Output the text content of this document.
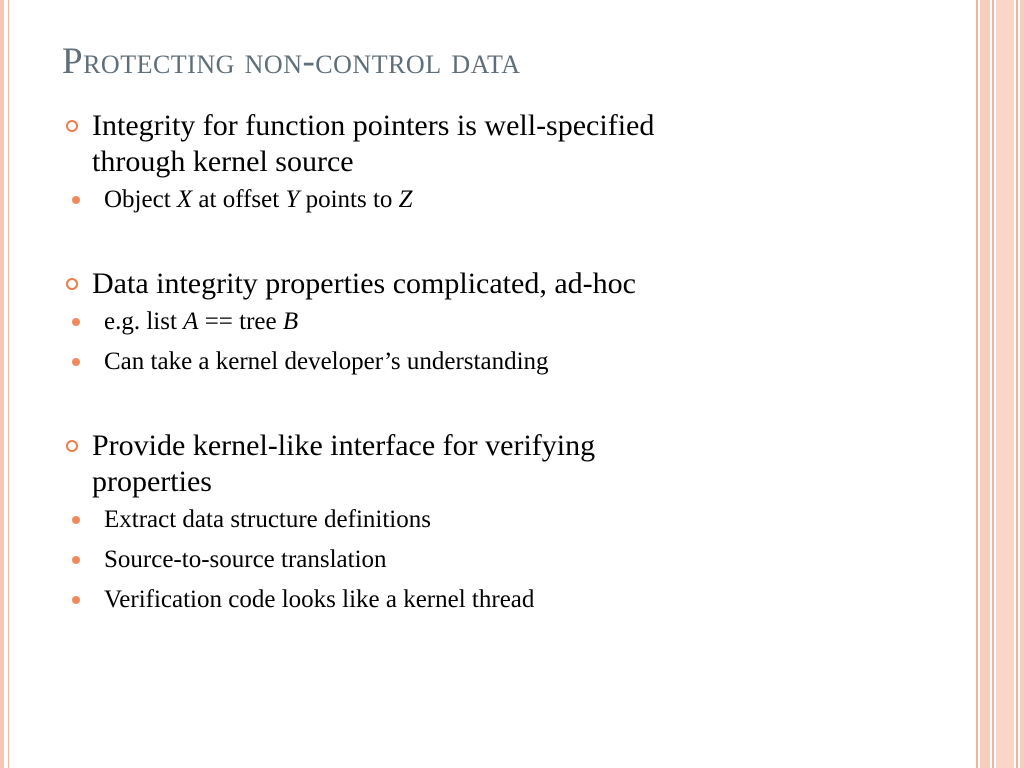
Protecting non-control data
Integrity for function pointers is well-specified
through kernel source
Object X at offset Y points to Z
Data integrity properties complicated, ad-hoc
e.g. list A == tree B
Can take a kernel developer’s understanding
Provide kernel-like interface for verifying
properties
Extract data structure definitions
Source-to-source translation
Verification code looks like a kernel thread
